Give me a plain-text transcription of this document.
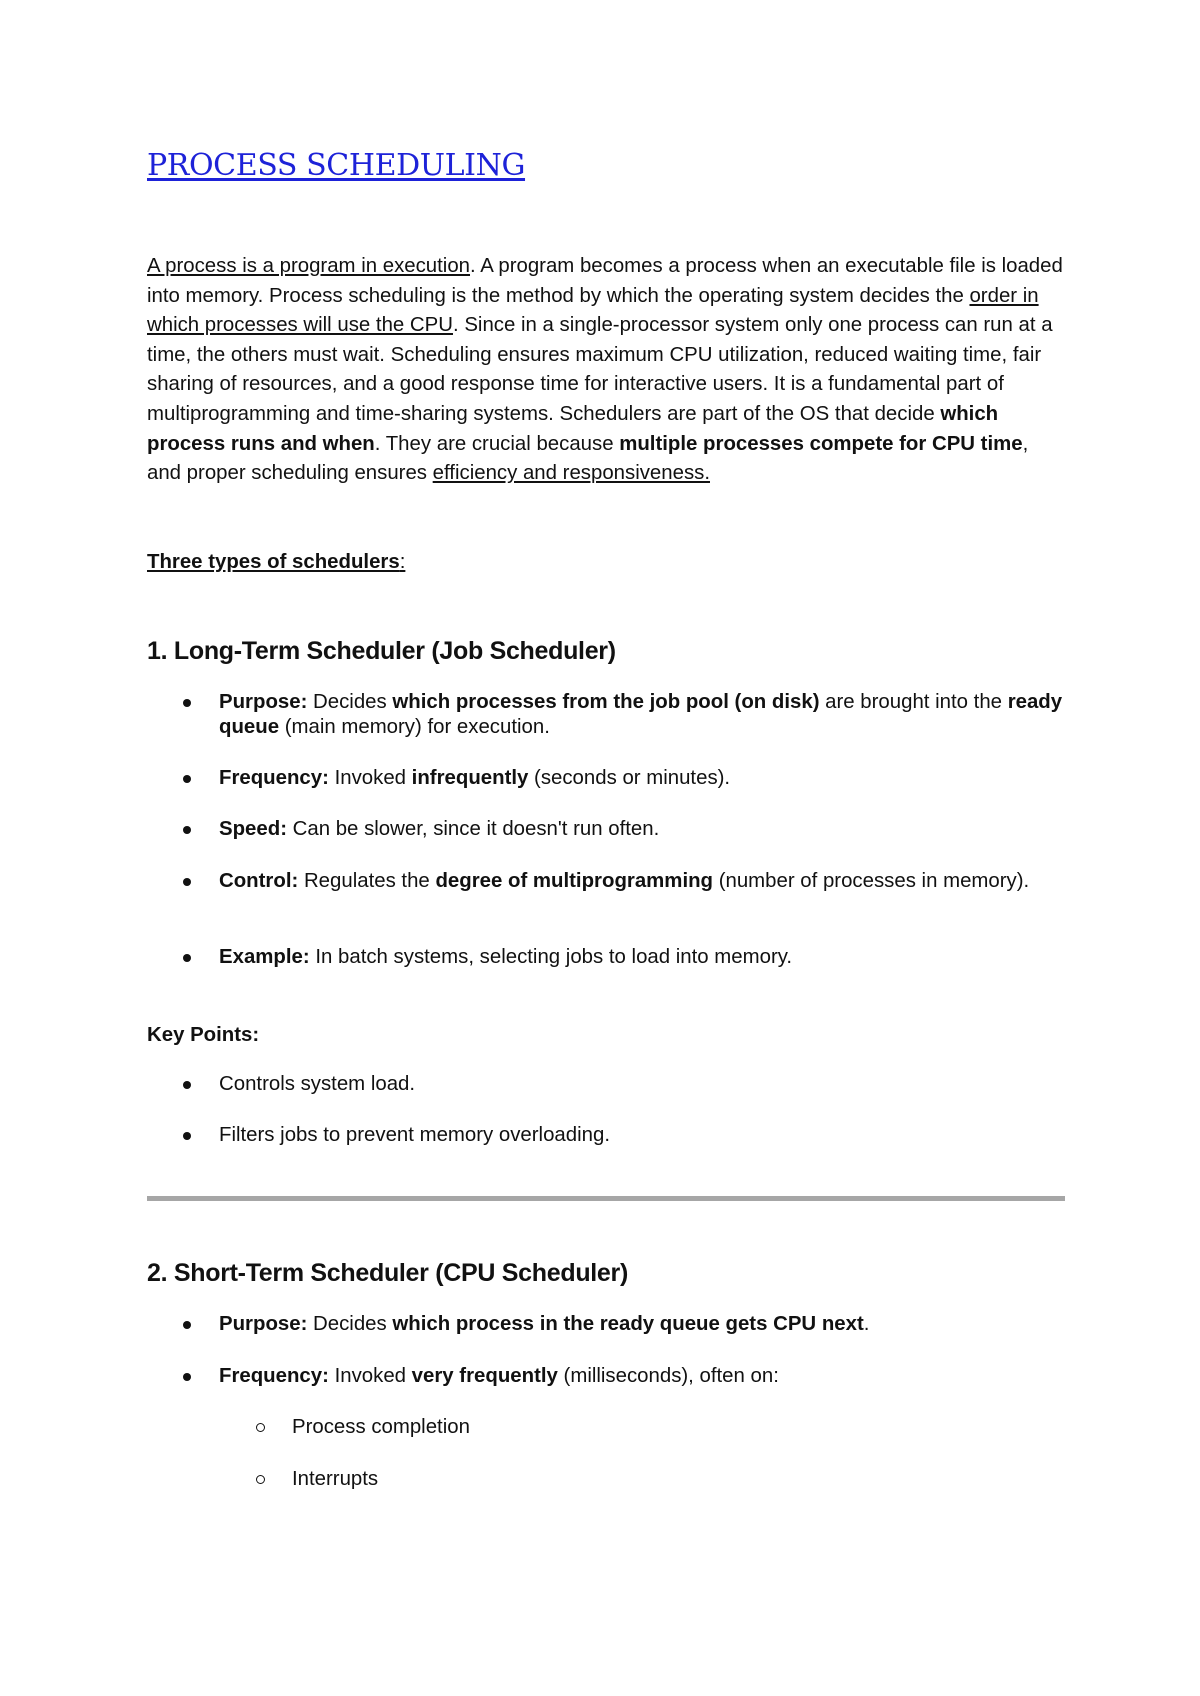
PROCESS SCHEDULING

A process is a program in execution. A program becomes a process when an executable file is loaded into memory. Process scheduling is the method by which the operating system decides the order in which processes will use the CPU. Since in a single-processor system only one process can run at a time, the others must wait. Scheduling ensures maximum CPU utilization, reduced waiting time, fair sharing of resources, and a good response time for interactive users. It is a fundamental part of multiprogramming and time-sharing systems. Schedulers are part of the OS that decide which process runs and when. They are crucial because multiple processes compete for CPU time, and proper scheduling ensures efficiency and responsiveness.

Three types of schedulers:

1. Long-Term Scheduler (Job Scheduler)
Purpose: Decides which processes from the job pool (on disk) are brought into the ready queue (main memory) for execution.
Frequency: Invoked infrequently (seconds or minutes).
Speed: Can be slower, since it doesn't run often.
Control: Regulates the degree of multiprogramming (number of processes in memory).
Example: In batch systems, selecting jobs to load into memory.

Key Points:

Controls system load.
Filters jobs to prevent memory overloading.
2. Short-Term Scheduler (CPU Scheduler)
Purpose: Decides which process in the ready queue gets CPU next.
Frequency: Invoked very frequently (milliseconds), often on:
Process completion
Interrupts
